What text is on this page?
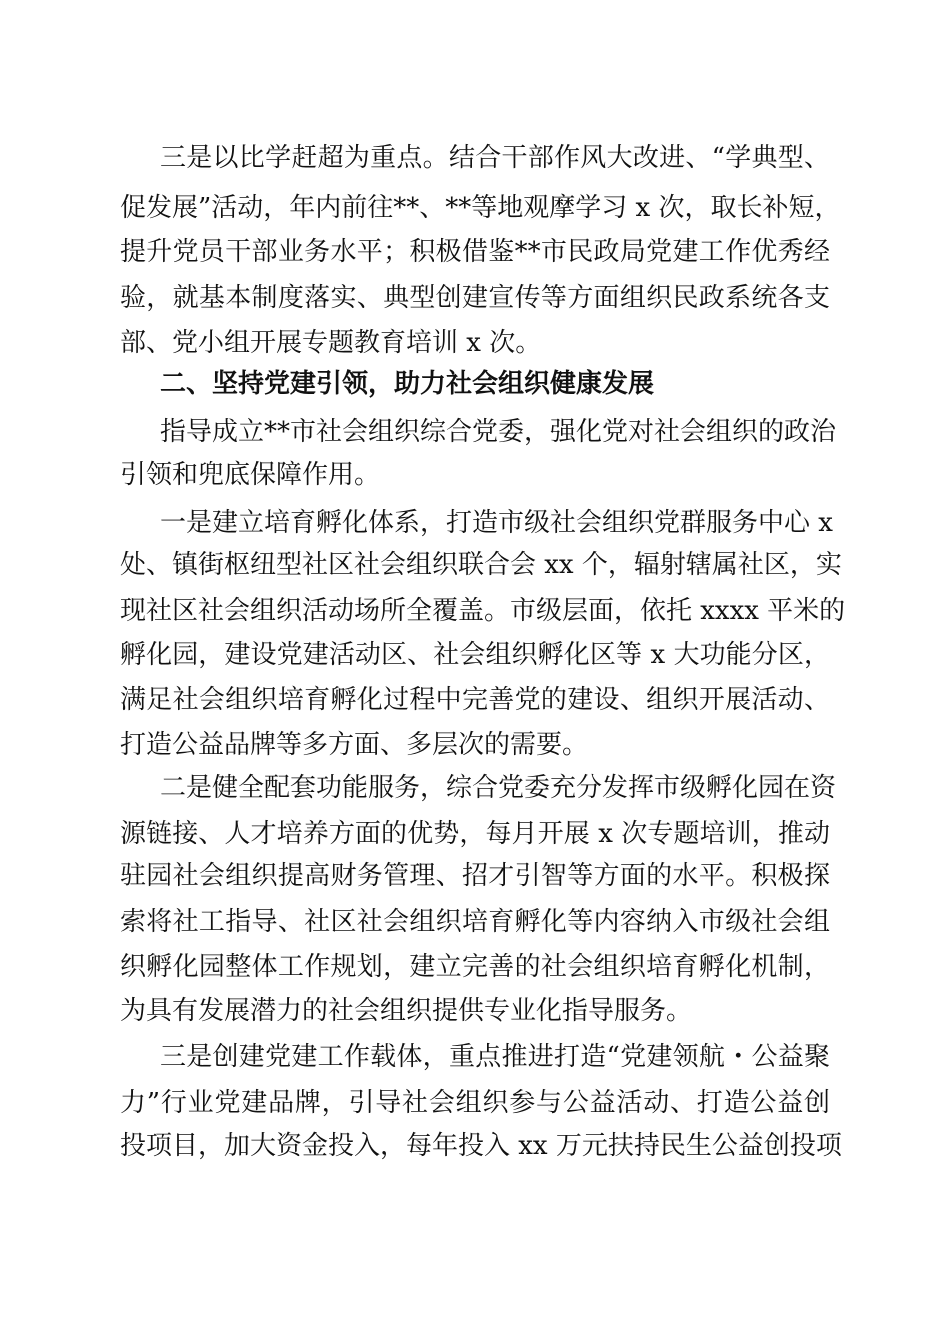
三是以比学赶超为重点。结合干部作风大改进、“学典型、
促发展”活动，年内前往**、**等地观摩学习 x 次，取长补短，
提升党员干部业务水平；积极借鉴**市民政局党建工作优秀经
验，就基本制度落实、典型创建宣传等方面组织民政系统各支
部、党小组开展专题教育培训 x 次。
二、坚持党建引领，助力社会组织健康发展
指导成立**市社会组织综合党委，强化党对社会组织的政治
引领和兜底保障作用。
一是建立培育孵化体系，打造市级社会组织党群服务中心 x
处、镇街枢纽型社区社会组织联合会 xx 个，辐射辖属社区，实
现社区社会组织活动场所全覆盖。市级层面，依托 xxxx 平米的
孵化园，建设党建活动区、社会组织孵化区等 x 大功能分区，
满足社会组织培育孵化过程中完善党的建设、组织开展活动、
打造公益品牌等多方面、多层次的需要。
二是健全配套功能服务，综合党委充分发挥市级孵化园在资
源链接、人才培养方面的优势，每月开展 x 次专题培训，推动
驻园社会组织提高财务管理、招才引智等方面的水平。积极探
索将社工指导、社区社会组织培育孵化等内容纳入市级社会组
织孵化园整体工作规划，建立完善的社会组织培育孵化机制，
为具有发展潜力的社会组织提供专业化指导服务。
三是创建党建工作载体，重点推进打造“党建领航・公益聚
力”行业党建品牌，引导社会组织参与公益活动、打造公益创
投项目，加大资金投入，每年投入 xx 万元扶持民生公益创投项
